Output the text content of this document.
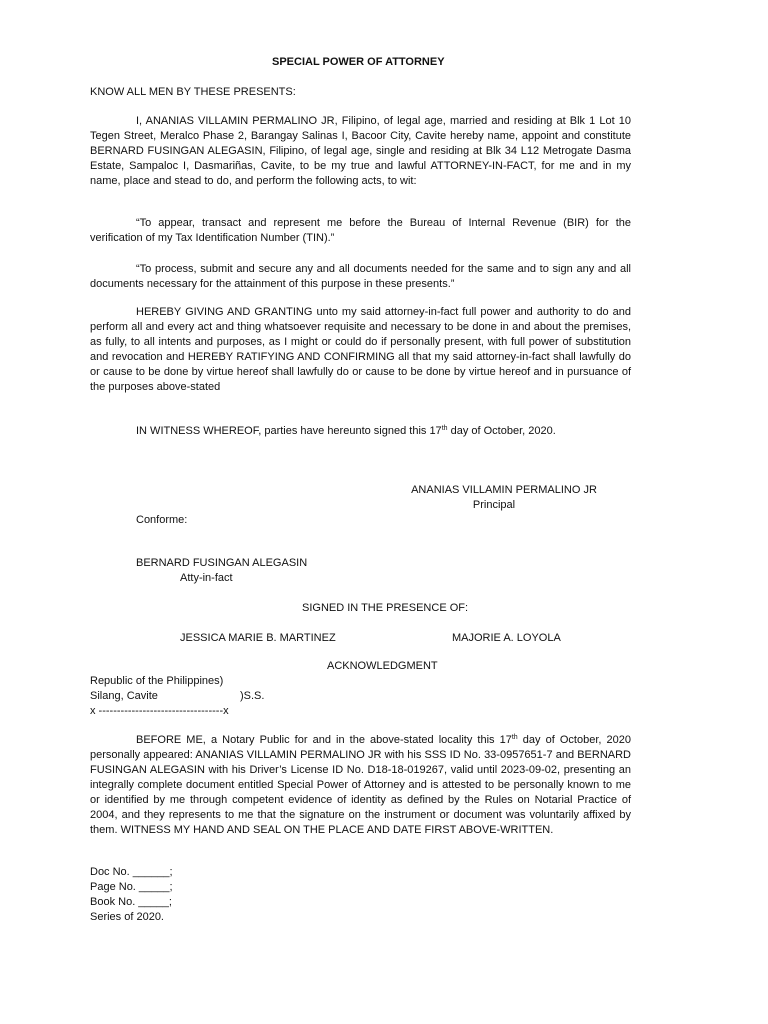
SPECIAL POWER OF ATTORNEY
KNOW ALL MEN BY THESE PRESENTS:
I, ANANIAS VILLAMIN PERMALINO JR, Filipino, of legal age, married and residing at Blk 1 Lot 10 Tegen Street, Meralco Phase 2, Barangay Salinas I, Bacoor City, Cavite hereby name, appoint and constitute BERNARD FUSINGAN ALEGASIN, Filipino, of legal age, single and residing at Blk 34 L12 Metrogate Dasma Estate, Sampaloc I, Dasmariñas, Cavite, to be my true and lawful ATTORNEY-IN-FACT, for me and in my name, place and stead to do, and perform the following acts, to wit:
“To appear, transact and represent me before the Bureau of Internal Revenue (BIR) for the verification of my Tax Identification Number (TIN).”
“To process, submit and secure any and all documents needed for the same and to sign any and all documents necessary for the attainment of this purpose in these presents.”
HEREBY GIVING AND GRANTING unto my said attorney-in-fact full power and authority to do and perform all and every act and thing whatsoever requisite and necessary to be done in and about the premises, as fully, to all intents and purposes, as I might or could do if personally present, with full power of substitution and revocation and HEREBY RATIFYING AND CONFIRMING all that my said attorney-in-fact shall lawfully do or cause to be done by virtue hereof shall lawfully do or cause to be done by virtue hereof and in pursuance of the purposes above-stated
IN WITNESS WHEREOF, parties have hereunto signed this 17th day of October, 2020.
ANANIAS VILLAMIN PERMALINO JR
Principal
Conforme:
BERNARD FUSINGAN ALEGASIN
Atty-in-fact
SIGNED IN THE PRESENCE OF:
JESSICA MARIE B. MARTINEZ	MAJORIE A. LOYOLA
ACKNOWLEDGMENT
Republic of the Philippines)
Silang, Cavite	)S.S.
x ----------------------------------x
BEFORE ME, a Notary Public for and in the above-stated locality this 17th day of October, 2020 personally appeared: ANANIAS VILLAMIN PERMALINO JR with his SSS ID No. 33-0957651-7 and BERNARD FUSINGAN ALEGASIN with his Driver’s License ID No. D18-18-019267, valid until 2023-09-02, presenting an integrally complete document entitled Special Power of Attorney and is attested to be personally known to me or identified by me through competent evidence of identity as defined by the Rules on Notarial Practice of 2004, and they represents to me that the signature on the instrument or document was voluntarily affixed by them. WITNESS MY HAND AND SEAL ON THE PLACE AND DATE FIRST ABOVE-WRITTEN.
Doc No. ______;
Page No. _____;
Book No. _____;
Series of 2020.
